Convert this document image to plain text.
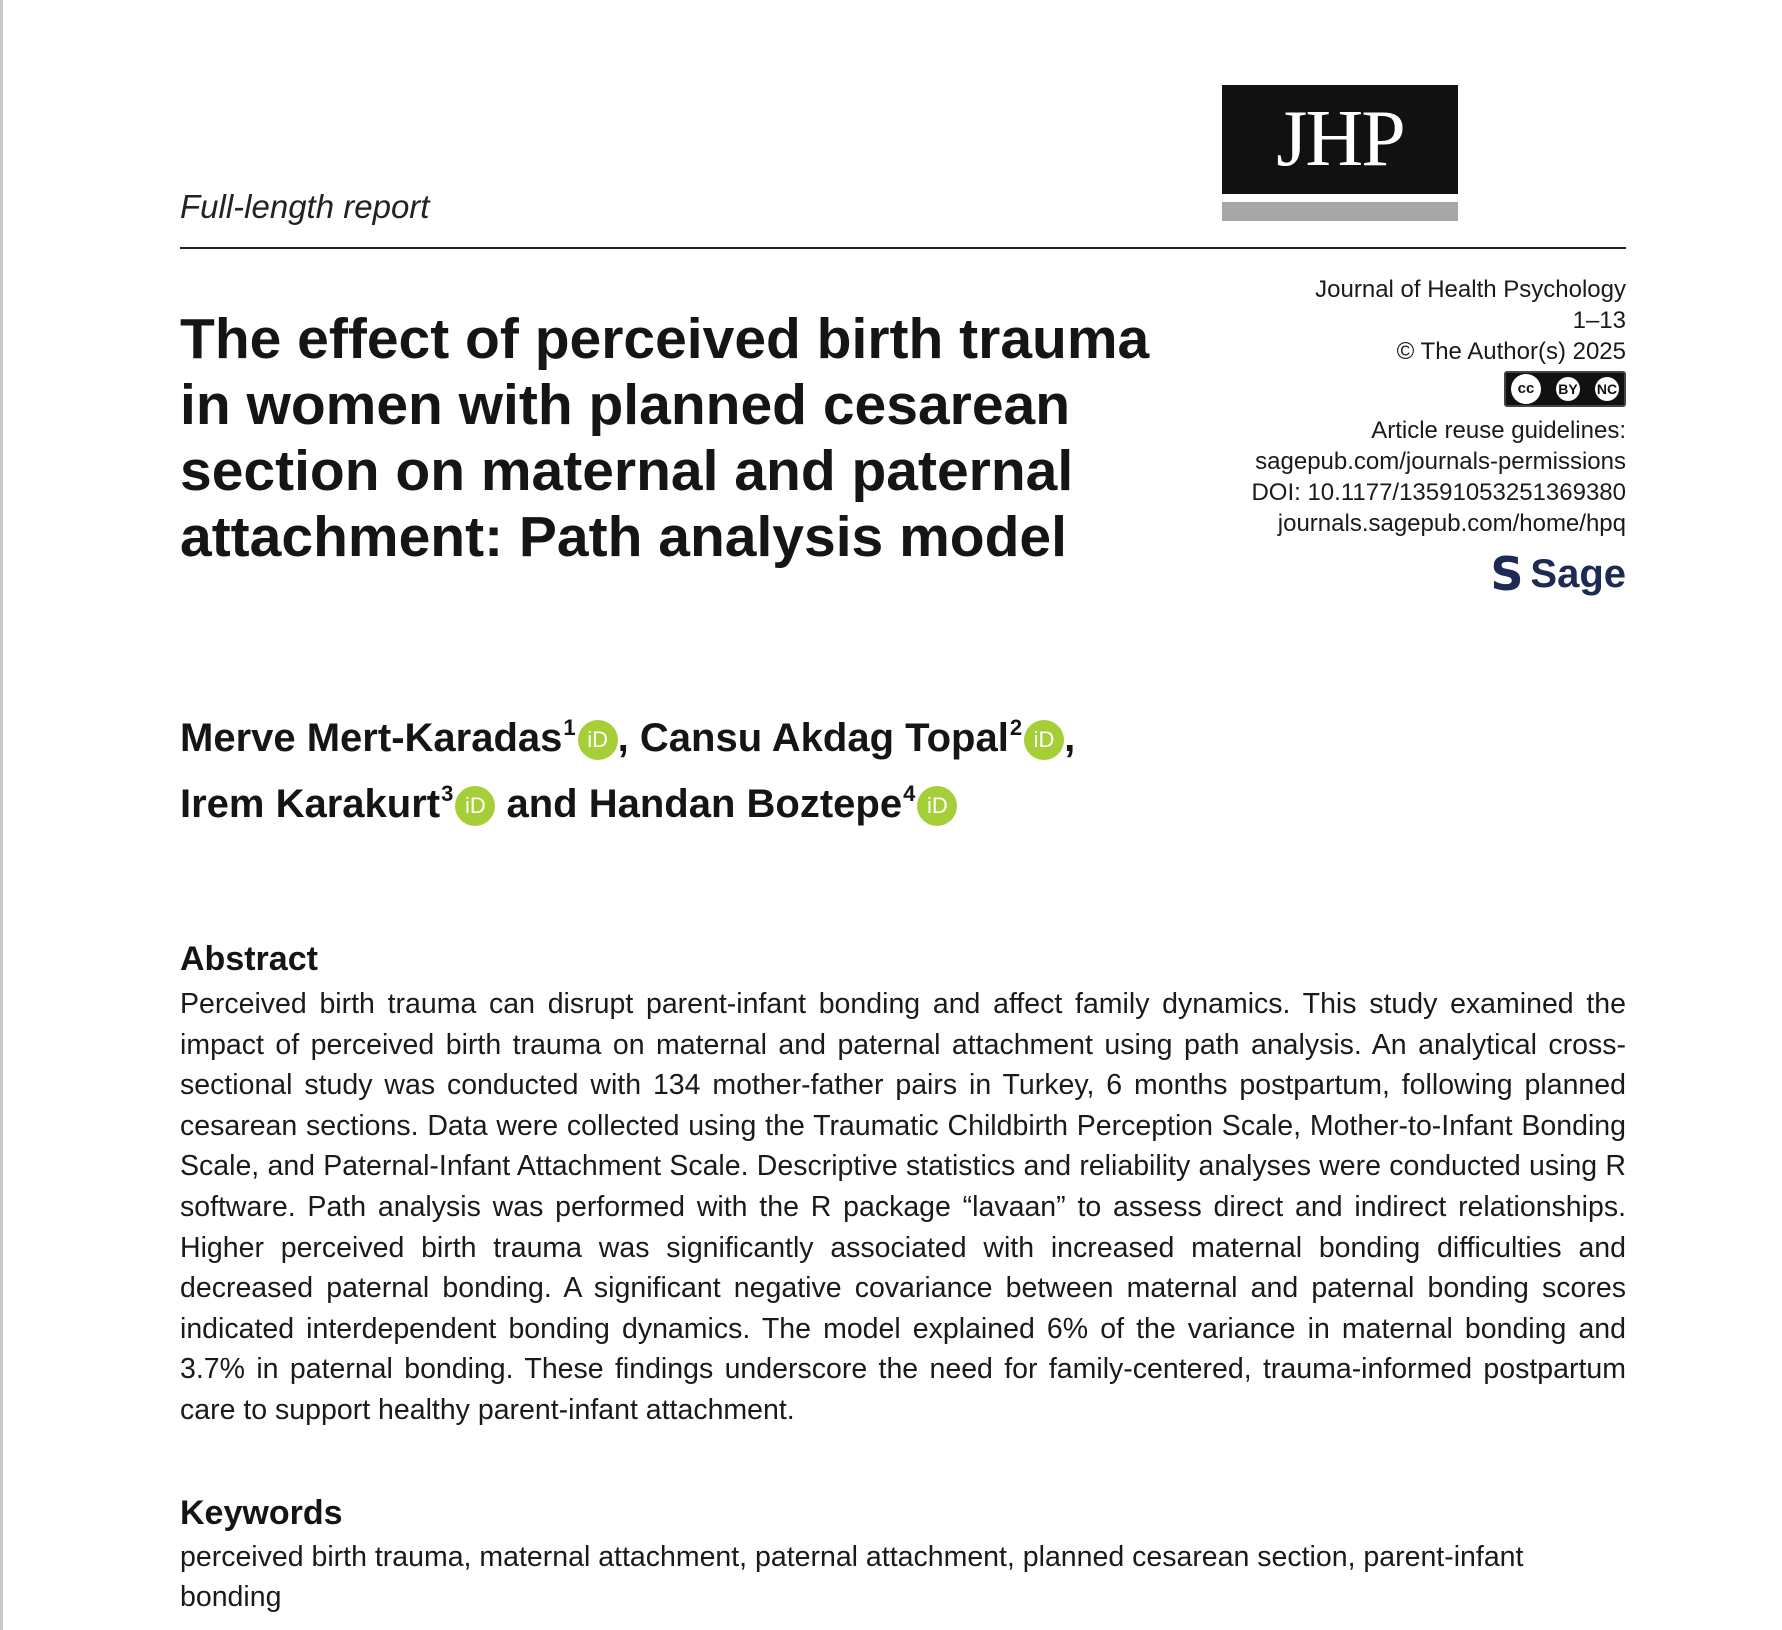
JHP
Full-length report
The effect of perceived birth trauma in women with planned cesarean section on maternal and paternal attachment: Path analysis model
Journal of Health Psychology
1–13
© The Author(s) 2025
cc	BY NC
Article reuse guidelines:
sagepub.com/journals-permissions
DOI: 10.1177/13591053251369380
journals.sagepub.com/home/hpq
S Sage
Merve Mert-Karadas$^1$ iD , Cansu Akdag Topal$^2$ iD ,
Irem Karakurt$^3$ iD and Handan Boztepe$^4$ iD
Abstract

Perceived birth trauma can disrupt parent-infant bonding and affect family dynamics. This study examined the impact of perceived birth trauma on maternal and paternal attachment using path analysis. An analytical cross-sectional study was conducted with 134 mother-father pairs in Turkey, 6 months postpartum, following planned cesarean sections. Data were collected using the Traumatic Childbirth Perception Scale, Mother-to-Infant Bonding Scale, and Paternal-Infant Attachment Scale. Descriptive statistics and reliability analyses were conducted using R software. Path analysis was performed with the R package “lavaan” to assess direct and indirect relationships. Higher perceived birth trauma was significantly associated with increased maternal bonding difficulties and decreased paternal bonding. A significant negative covariance between maternal and paternal bonding scores indicated interdependent bonding dynamics. The model explained 6% of the variance in maternal bonding and 3.7% in paternal bonding. These findings underscore the need for family-centered, trauma-informed postpartum care to support healthy parent-infant attachment.

Keywords

perceived birth trauma, maternal attachment, paternal attachment, planned cesarean section, parent-infant bonding
